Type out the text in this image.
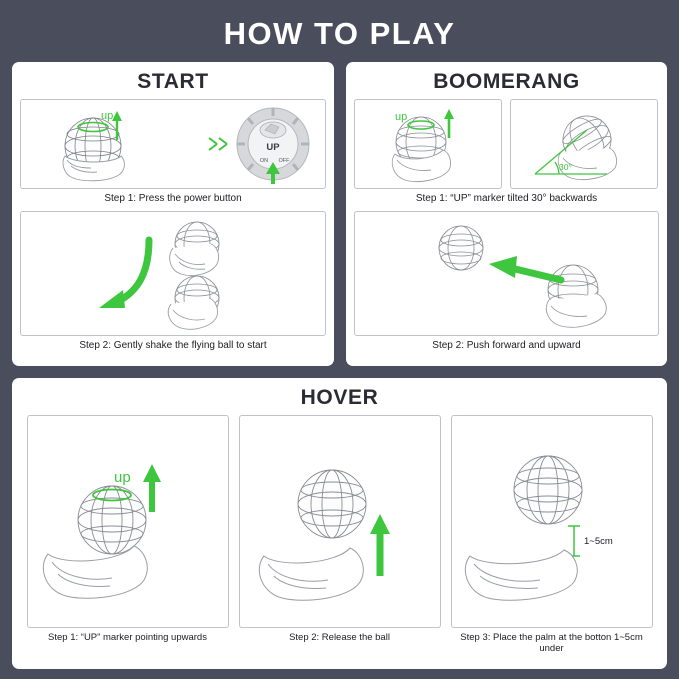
HOW TO PLAY
START
up
UP
ON OFF
Step 1: Press the power button
Step 2: Gently shake the flying ball to start
BOOMERANG
up
30°
Step 1: “UP” marker tilted 30° backwards
Step 2: Push forward and upward
HOVER
up
Step 1: “UP” marker pointing upwards	Step 2: Release the ball
1~5cm
Step 3: Place the palm at the botton 1~5cm under
